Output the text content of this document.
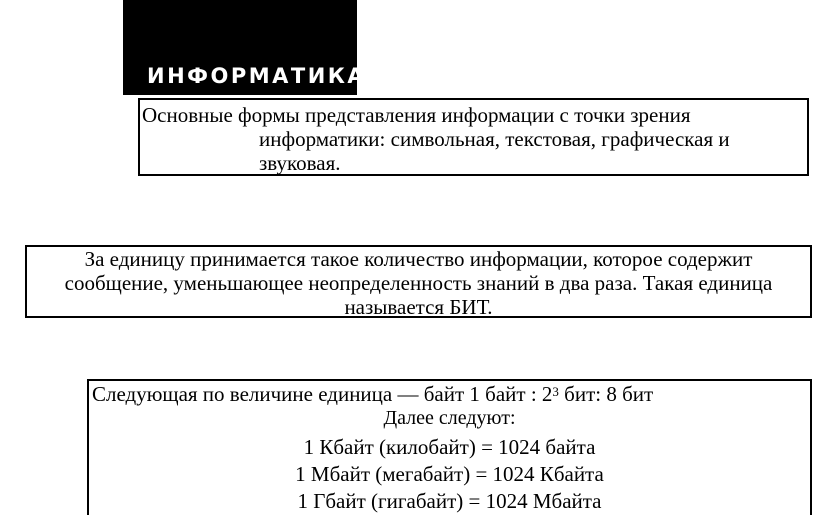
ИНФОРМАТИКА
Основные формы представления информации с точки зрения
информатики: символьная, текстовая, графическая и
звуковая.
За единицу принимается такое количество информации, которое содержит
сообщение, уменьшающее неопределенность знаний в два раза. Такая единица
называется БИТ.
Следующая по величине единица — байт 1 байт : $2^3$ бит: 8 бит
Далее следуют:
1 Кбайт (килобайт) = 1024 байта
1 Мбайт (мегабайт) = 1024 Кбайта
1 Гбайт (гигабайт) = 1024 Мбайта
